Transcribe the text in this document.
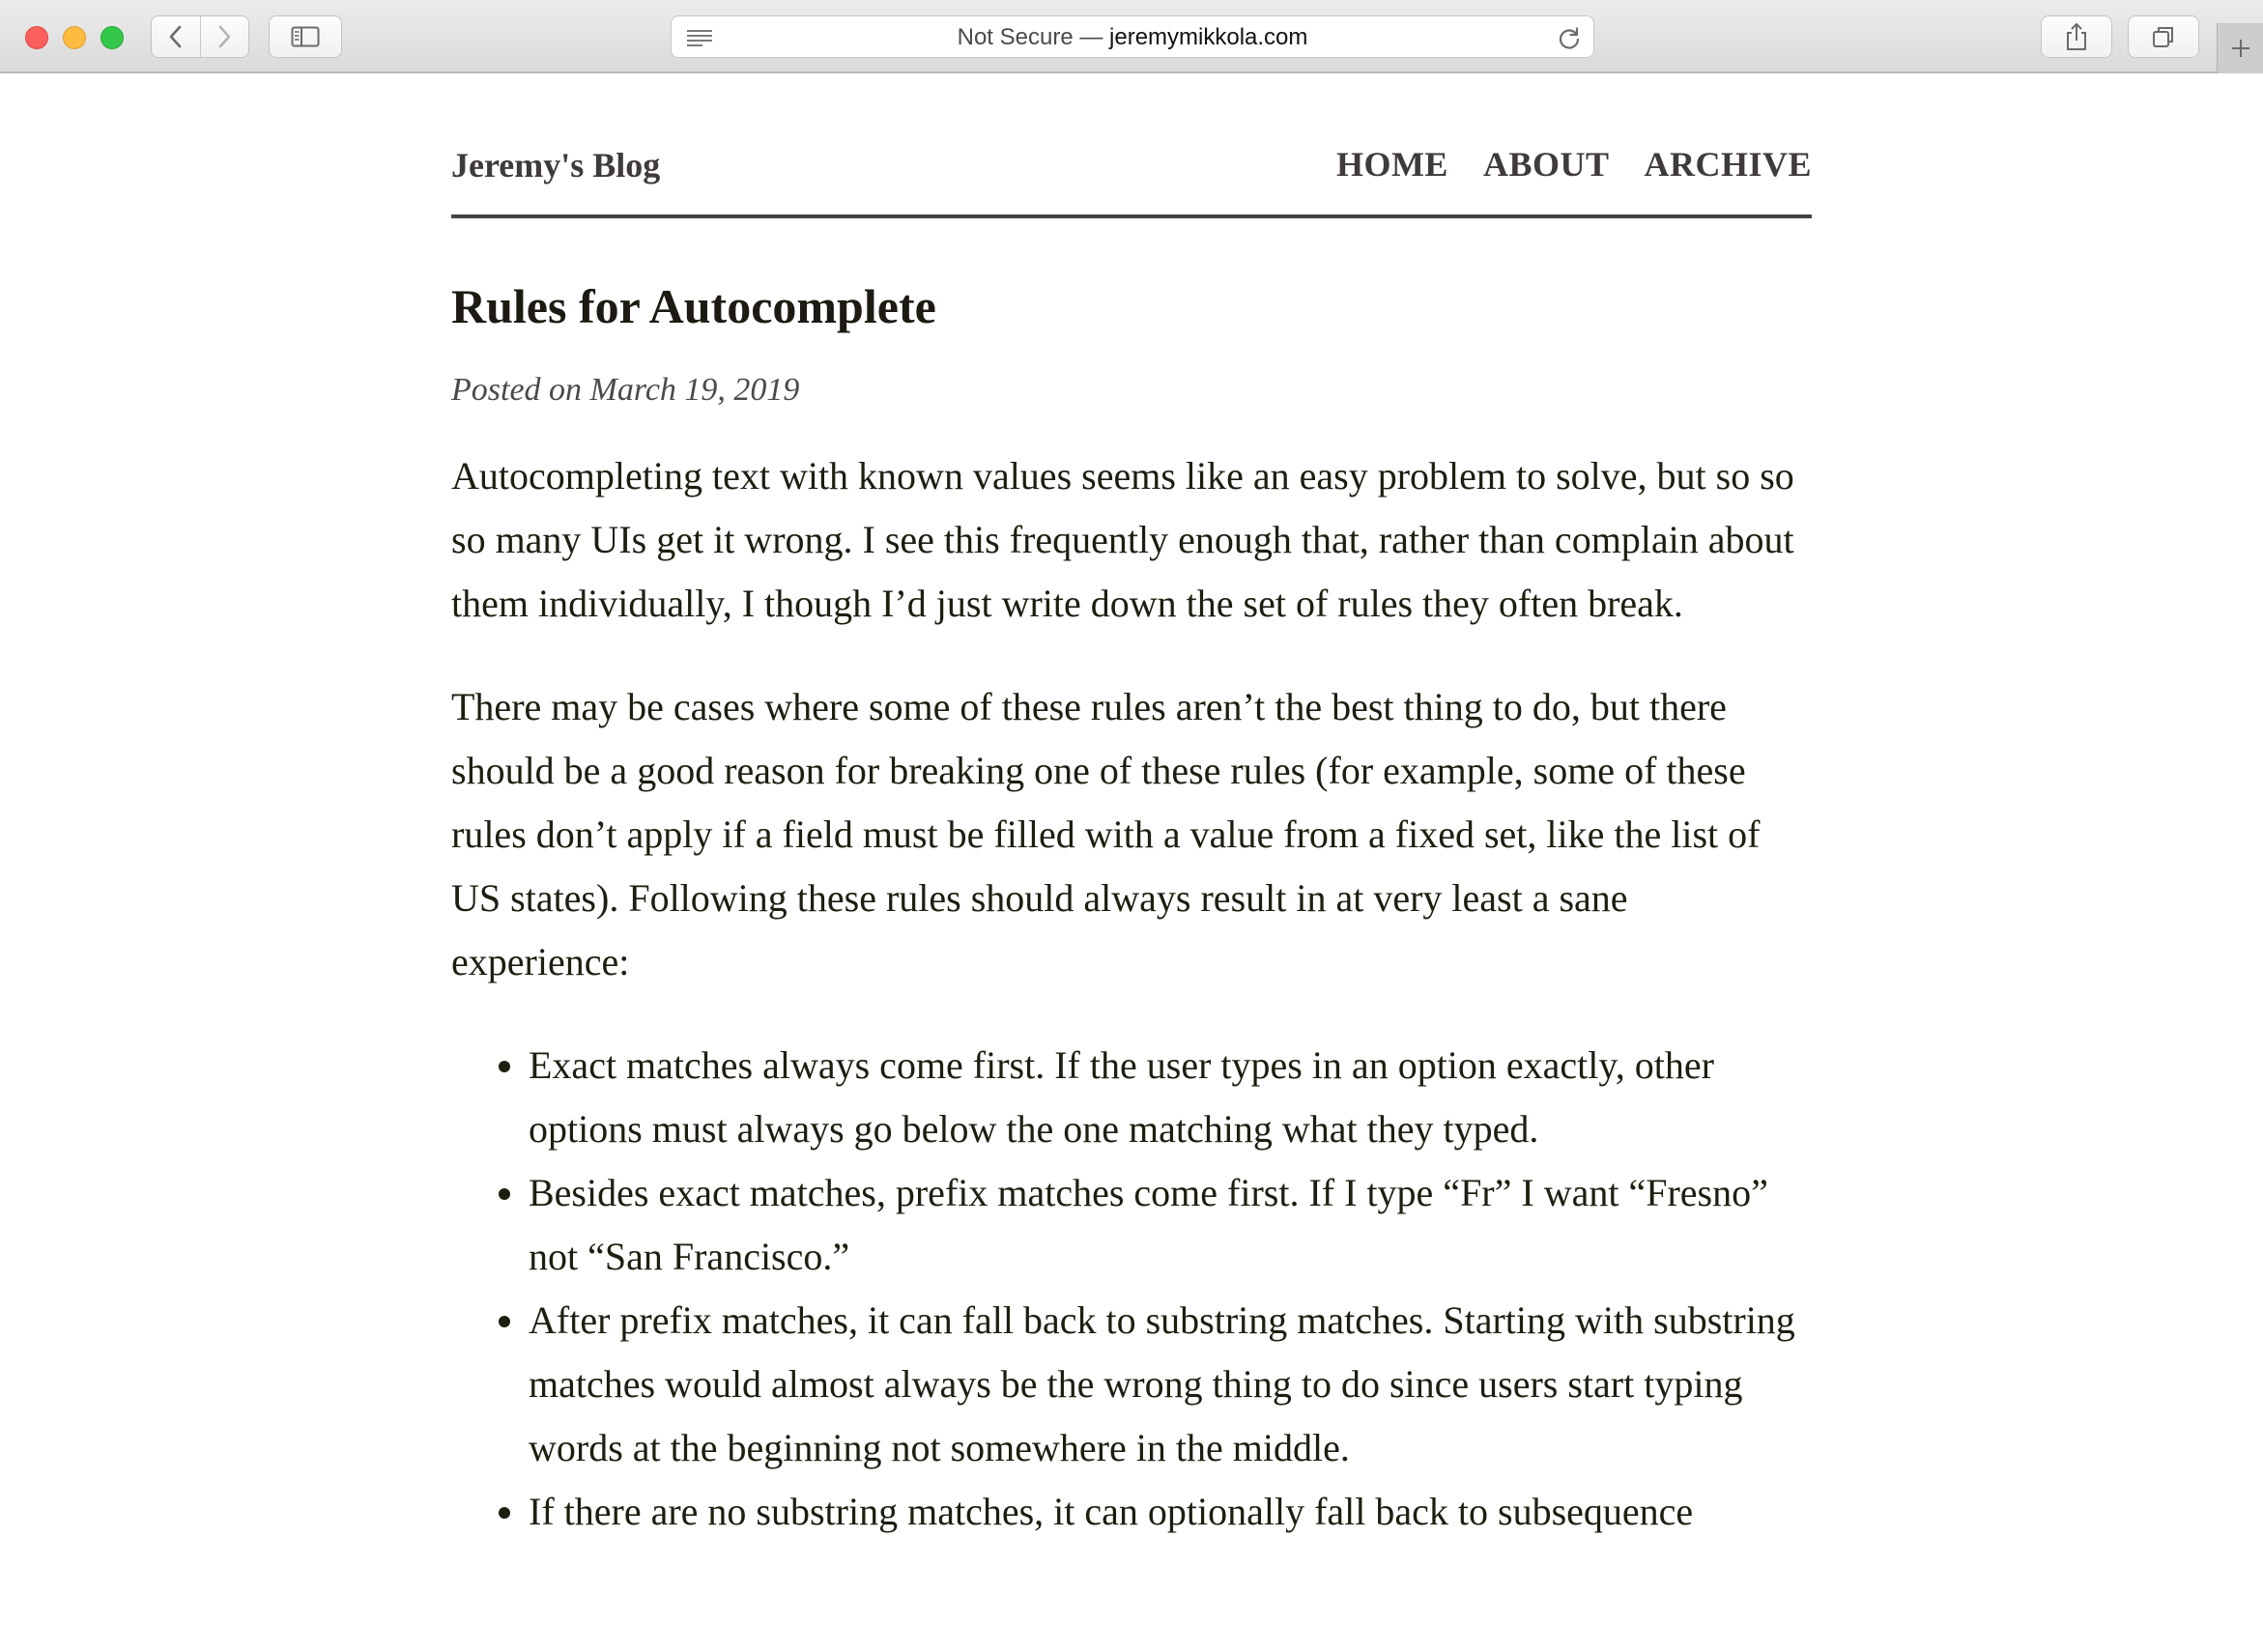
Not Secure — jeremymikkola.com
Jeremy's Blog	HOME ABOUT ARCHIVE
Rules for Autocomplete
Posted on March 19, 2019

Autocompleting text with known values seems like an easy problem to solve, but so so so many UIs get it wrong. I see this frequently enough that, rather than complain about them individually, I though I’d just write down the set of rules they often break.

There may be cases where some of these rules aren’t the best thing to do, but there should be a good reason for breaking one of these rules (for example, some of these rules don’t apply if a field must be filled with a value from a fixed set, like the list of US states). Following these rules should always result in at very least a sane experience:

• Exact matches always come first. If the user types in an option exactly, other options must always go below the one matching what they typed.
• Besides exact matches, prefix matches come first. If I type “Fr” I want “Fresno” not “San Francisco.”
• After prefix matches, it can fall back to substring matches. Starting with substring matches would almost always be the wrong thing to do since users start typing words at the beginning not somewhere in the middle.
• If there are no substring matches, it can optionally fall back to subsequence
